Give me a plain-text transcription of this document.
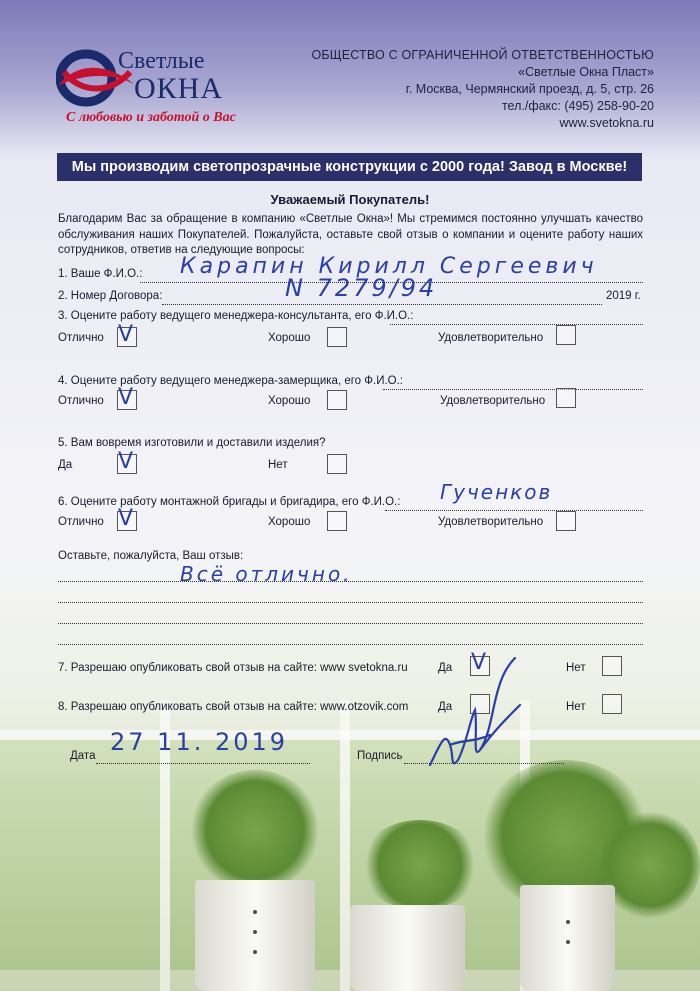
Светлые
ОКНА
С любовью и заботой о Вас
ОБЩЕСТВО С ОГРАНИЧЕННОЙ ОТВЕТСТВЕННОСТЬЮ
«Светлые Окна Пласт»
г. Москва, Чермянский проезд, д. 5, стр. 26
тел./факс: (495) 258-90-20
www.svetokna.ru
Мы производим светопрозрачные конструкции с 2000 года! Завод в Москве!
Уважаемый Покупатель!
Благодарим Вас за обращение в компанию «Светлые Окна»! Мы стремимся постоянно улучшать качество обслуживания наших Покупателей. Пожалуйста, оставьте свой отзыв о компании и оцените работу наших сотрудников, ответив на следующие вопросы:
1. Ваше Ф.И.О.: Карапин Кирилл Сергеевич
2. Номер Договора:	N 7279/94	2019 г.
3. Оцените работу ведущего менеджера-консультанта, его Ф.И.О.:
Отлично V	Хорошо	Удовлетворительно
4. Оцените работу ведущего менеджера-замерщика, его Ф.И.О.:
Отлично V	Хорошо	Удовлетворительно
5. Вам вовремя изготовили и доставили изделия?
Да V	Нет
6. Оцените работу монтажной бригады и бригадира, его Ф.И.О.: Гученков
Отлично V	Хорошо	Удовлетворительно
Оставьте, пожалуйста, Ваш отзыв:
Всё отлично.
7. Разрешаю опубликовать свой отзыв на сайте: www svetokna.ru	Да V	Нет
8. Разрешаю опубликовать свой отзыв на сайте: www.otzovik.com	Да	Нет
Дата 27 11. 2019	Подпись
